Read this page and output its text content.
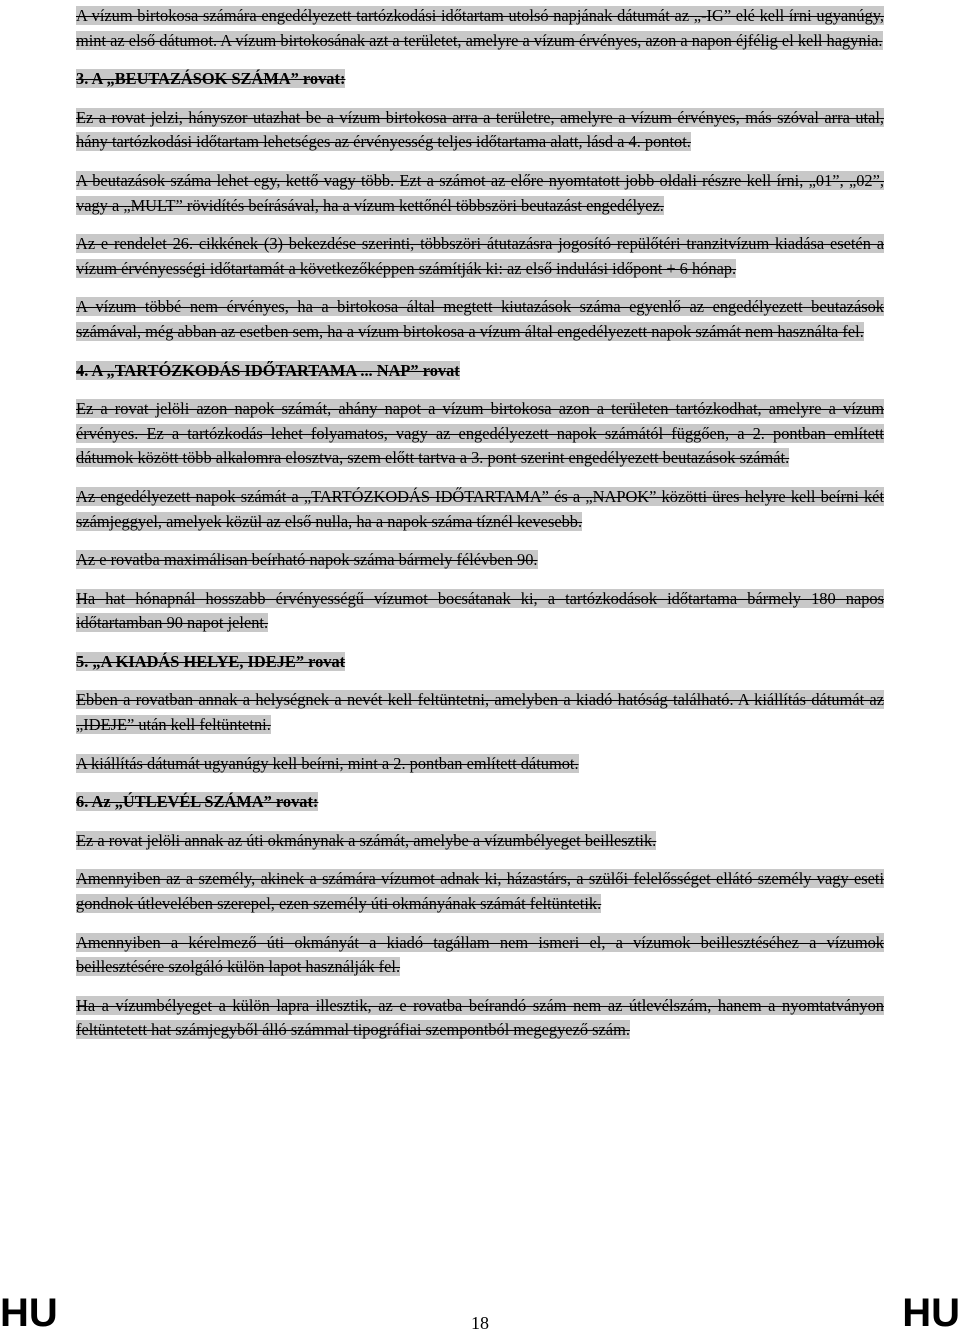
A vízum birtokosa számára engedélyezett tartózkodási időtartam utolsó napjának dátumát az „-IG” elé kell írni ugyanúgy, mint az első dátumot. A vízum birtokosának azt a területet, amelyre a vízum érvényes, azon a napon éjfélig el kell hagynia.

3. A „BEUTAZÁSOK SZÁMA” rovat:

Ez a rovat jelzi, hányszor utazhat be a vízum birtokosa arra a területre, amelyre a vízum érvényes, más szóval arra utal, hány tartózkodási időtartam lehetséges az érvényesség teljes időtartama alatt, lásd a 4. pontot.

A beutazások száma lehet egy, kettő vagy több. Ezt a számot az előre nyomtatott jobb oldali részre kell írni, „01”, „02”, vagy a „MULT” rövidítés beírásával, ha a vízum kettőnél többszöri beutazást engedélyez.

Az e rendelet 26. cikkének (3) bekezdése szerinti, többszöri átutazásra jogosító repülőtéri tranzitvízum kiadása esetén a vízum érvényességi időtartamát a következőképpen számítják ki: az első indulási időpont + 6 hónap.

A vízum többé nem érvényes, ha a birtokosa által megtett kiutazások száma egyenlő az engedélyezett beutazások számával, még abban az esetben sem, ha a vízum birtokosa a vízum által engedélyezett napok számát nem használta fel.

4. A „TARTÓZKODÁS IDŐTARTAMA ... NAP” rovat

Ez a rovat jelöli azon napok számát, ahány napot a vízum birtokosa azon a területen tartózkodhat, amelyre a vízum érvényes. Ez a tartózkodás lehet folyamatos, vagy az engedélyezett napok számától függően, a 2. pontban említett dátumok között több alkalomra elosztva, szem előtt tartva a 3. pont szerint engedélyezett beutazások számát.

Az engedélyezett napok számát a „TARTÓZKODÁS IDŐTARTAMA” és a „NAPOK” közötti üres helyre kell beírni két számjeggyel, amelyek közül az első nulla, ha a napok száma tíznél kevesebb.

Az e rovatba maximálisan beírható napok száma bármely félévben 90.

Ha hat hónapnál hosszabb érvényességű vízumot bocsátanak ki, a tartózkodások időtartama bármely 180 napos időtartamban 90 napot jelent.

5. „A KIADÁS HELYE, IDEJE” rovat

Ebben a rovatban annak a helységnek a nevét kell feltüntetni, amelyben a kiadó hatóság található. A kiállítás dátumát az „IDEJE” után kell feltüntetni.

A kiállítás dátumát ugyanúgy kell beírni, mint a 2. pontban említett dátumot.

6. Az „ÚTLEVÉL SZÁMA” rovat:

Ez a rovat jelöli annak az úti okmánynak a számát, amelybe a vízumbélyeget beillesztik.

Amennyiben az a személy, akinek a számára vízumot adnak ki, házastárs, a szülői felelősséget ellátó személy vagy eseti gondnok útlevelében szerepel, ezen személy úti okmányának számát feltüntetik.

Amennyiben a kérelmező úti okmányát a kiadó tagállam nem ismeri el, a vízumok beillesztéséhez a vízumok beillesztésére szolgáló külön lapot használják fel.

Ha a vízumbélyeget a külön lapra illesztik, az e rovatba beírandó szám nem az útlevélszám, hanem a nyomtatványon feltüntetett hat számjegyből álló számmal tipográfiai szempontból megegyező szám.

HU	18	HU
